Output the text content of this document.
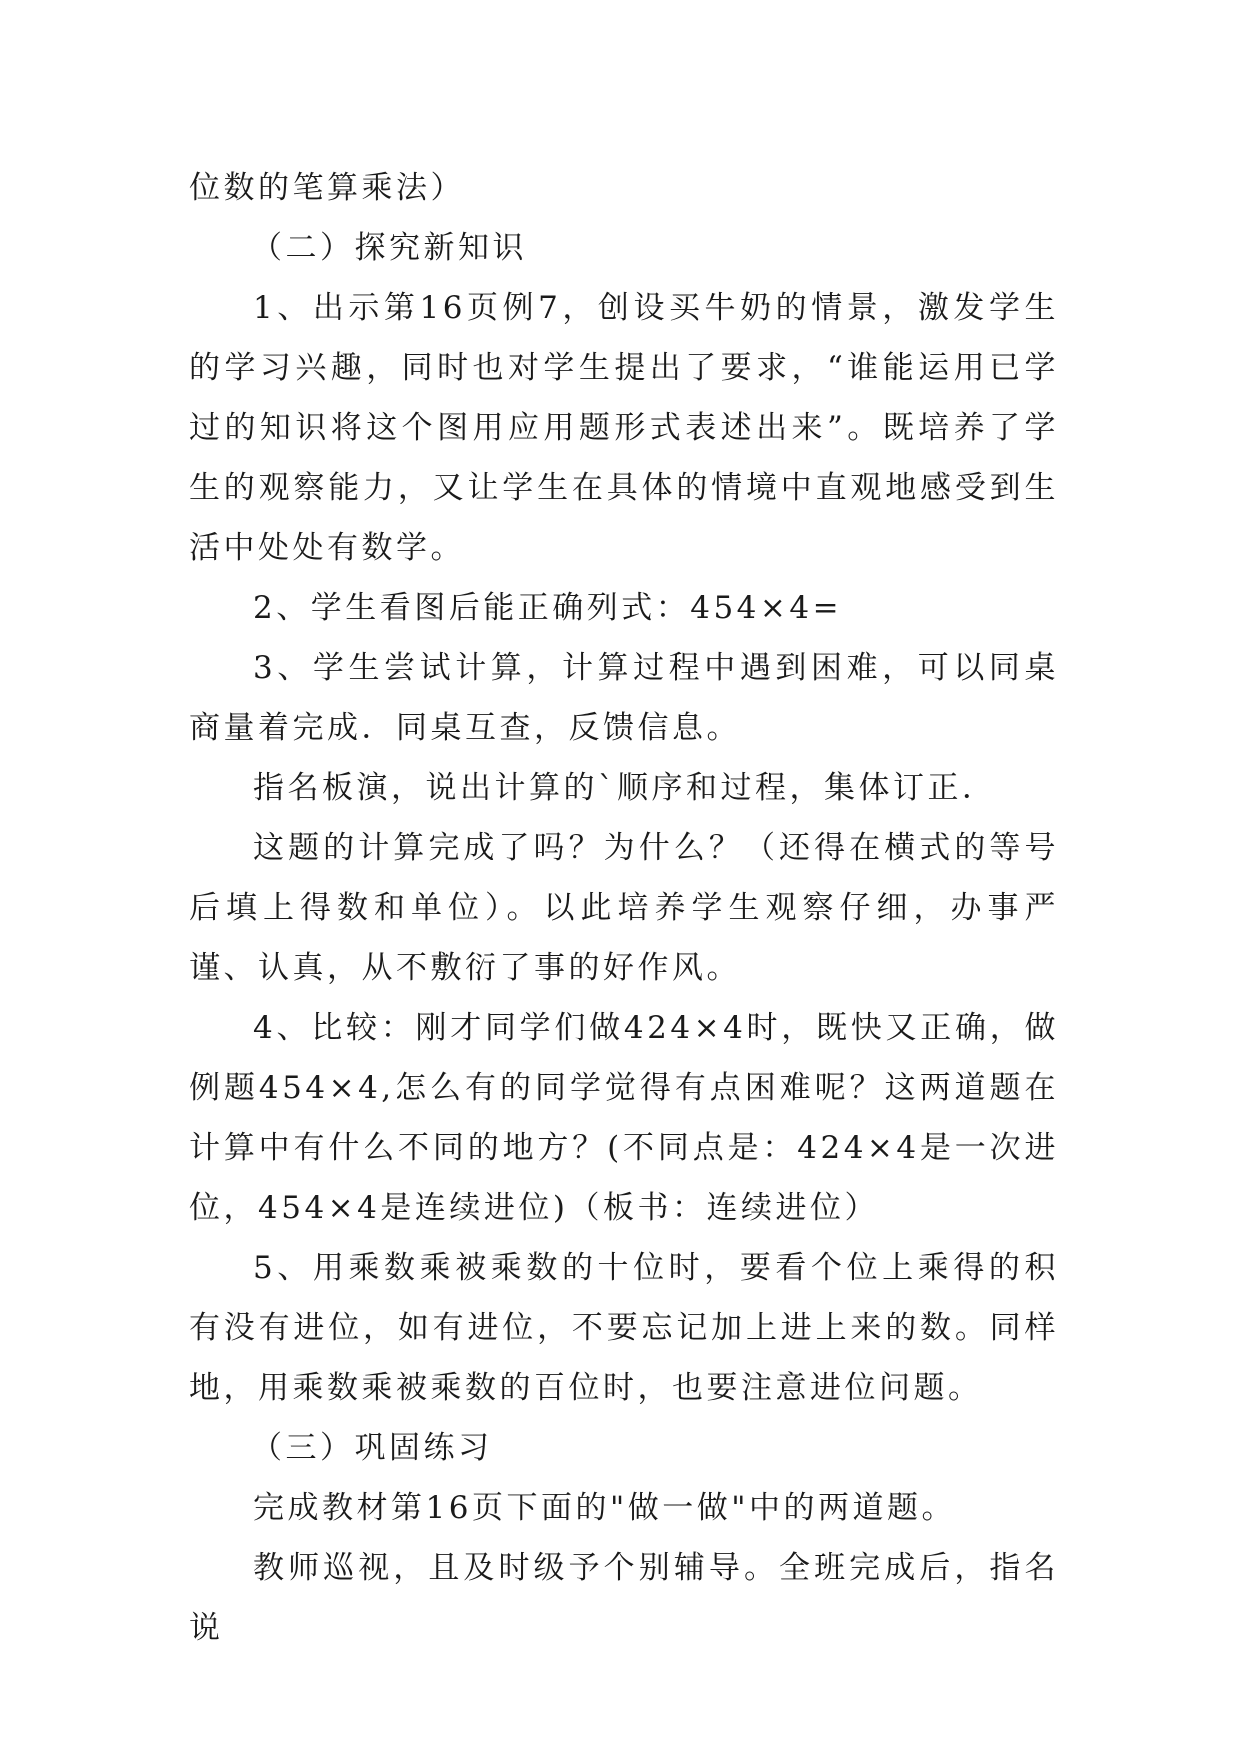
位数的笔算乘法）

（二）探究新知识

1、出示第16页例7，创设买牛奶的情景，激发学生的学习兴趣，同时也对学生提出了要求，“谁能运用已学过的知识将这个图用应用题形式表述出来”。既培养了学生的观察能力，又让学生在具体的情境中直观地感受到生活中处处有数学。

2、学生看图后能正确列式：454×4=

3、学生尝试计算，计算过程中遇到困难，可以同桌商量着完成．同桌互查，反馈信息。

指名板演，说出计算的`顺序和过程，集体订正．

这题的计算完成了吗？为什么？（还得在横式的等号后填上得数和单位）。以此培养学生观察仔细，办事严谨、认真，从不敷衍了事的好作风。

4、比较：刚才同学们做424×4时，既快又正确，做例题454×4,怎么有的同学觉得有点困难呢？这两道题在计算中有什么不同的地方？(不同点是：424×4是一次进位，454×4是连续进位)（板书：连续进位）

5、用乘数乘被乘数的十位时，要看个位上乘得的积有没有进位，如有进位，不要忘记加上进上来的数。同样地，用乘数乘被乘数的百位时，也要注意进位问题。

（三）巩固练习

完成教材第16页下面的"做一做"中的两道题。

教师巡视，且及时级予个别辅导。全班完成后，指名说
